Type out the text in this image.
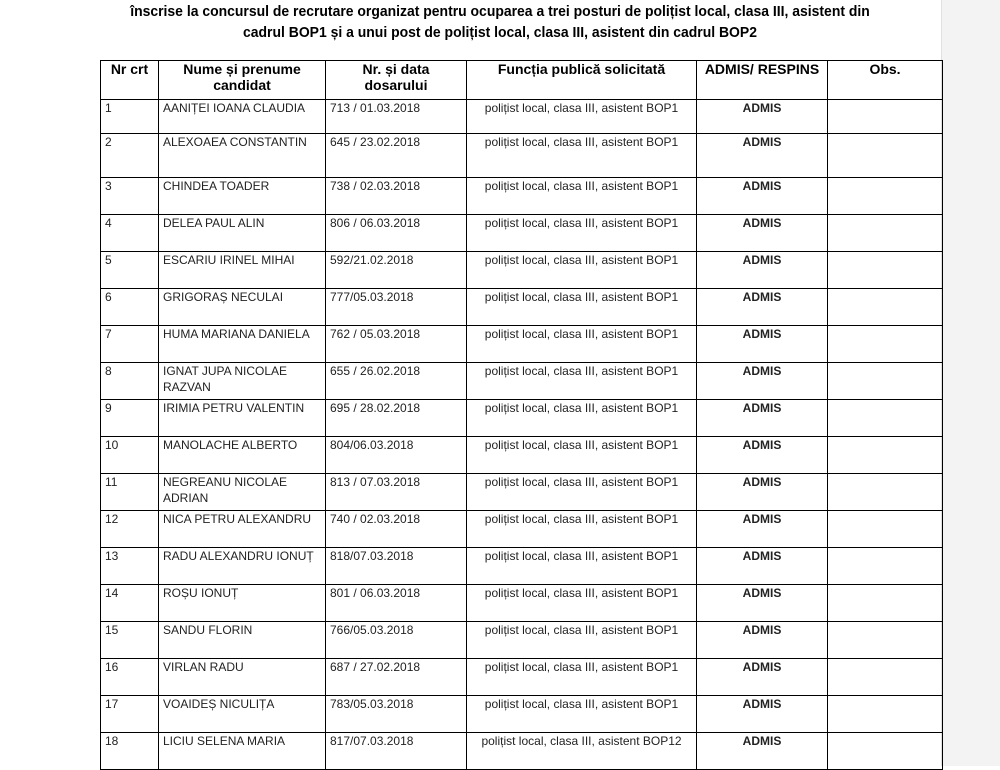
înscrise la concursul de recrutare organizat pentru ocuparea a trei posturi de polițist local, clasa III, asistent din
cadrul BOP1 și a unui post de polițist local, clasa III, asistent din cadrul BOP2
Nr crt	Nume și prenume candidat	Nr. și data dosarului	Funcția publică solicitată	ADMIS/ RESPINS	Obs.
1	AANIȚEI IOANA CLAUDIA	713 / 01.03.2018	polițist local, clasa III, asistent BOP1	ADMIS	
2	ALEXOAEA CONSTANTIN	645 / 23.02.2018	polițist local, clasa III, asistent BOP1	ADMIS	
3	CHINDEA TOADER	738 / 02.03.2018	polițist local, clasa III, asistent BOP1	ADMIS	
4	DELEA PAUL ALIN	806 / 06.03.2018	polițist local, clasa III, asistent BOP1	ADMIS	
5	ESCARIU IRINEL MIHAI	592/21.02.2018	polițist local, clasa III, asistent BOP1	ADMIS	
6	GRIGORAȘ NECULAI	777/05.03.2018	polițist local, clasa III, asistent BOP1	ADMIS	
7	HUMA MARIANA DANIELA	762 / 05.03.2018	polițist local, clasa III, asistent BOP1	ADMIS	
8	IGNAT JUPA NICOLAE RAZVAN	655 / 26.02.2018	polițist local, clasa III, asistent BOP1	ADMIS	
9	IRIMIA PETRU VALENTIN	695 / 28.02.2018	polițist local, clasa III, asistent BOP1	ADMIS	
10	MANOLACHE ALBERTO	804/06.03.2018	polițist local, clasa III, asistent BOP1	ADMIS	
11	NEGREANU NICOLAE ADRIAN	813 / 07.03.2018	polițist local, clasa III, asistent BOP1	ADMIS	
12	NICA PETRU ALEXANDRU	740 / 02.03.2018	polițist local, clasa III, asistent BOP1	ADMIS	
13	RADU ALEXANDRU IONUȚ	818/07.03.2018	polițist local, clasa III, asistent BOP1	ADMIS	
14	ROȘU IONUȚ	801 / 06.03.2018	polițist local, clasa III, asistent BOP1	ADMIS	
15	SANDU FLORIN	766/05.03.2018	polițist local, clasa III, asistent BOP1	ADMIS	
16	VIRLAN RADU	687 / 27.02.2018	polițist local, clasa III, asistent BOP1	ADMIS	
17	VOAIDEȘ NICULIȚA	783/05.03.2018	polițist local, clasa III, asistent BOP1	ADMIS	
18	LICIU SELENA MARIA	817/07.03.2018	polițist local, clasa III, asistent BOP12	ADMIS	
